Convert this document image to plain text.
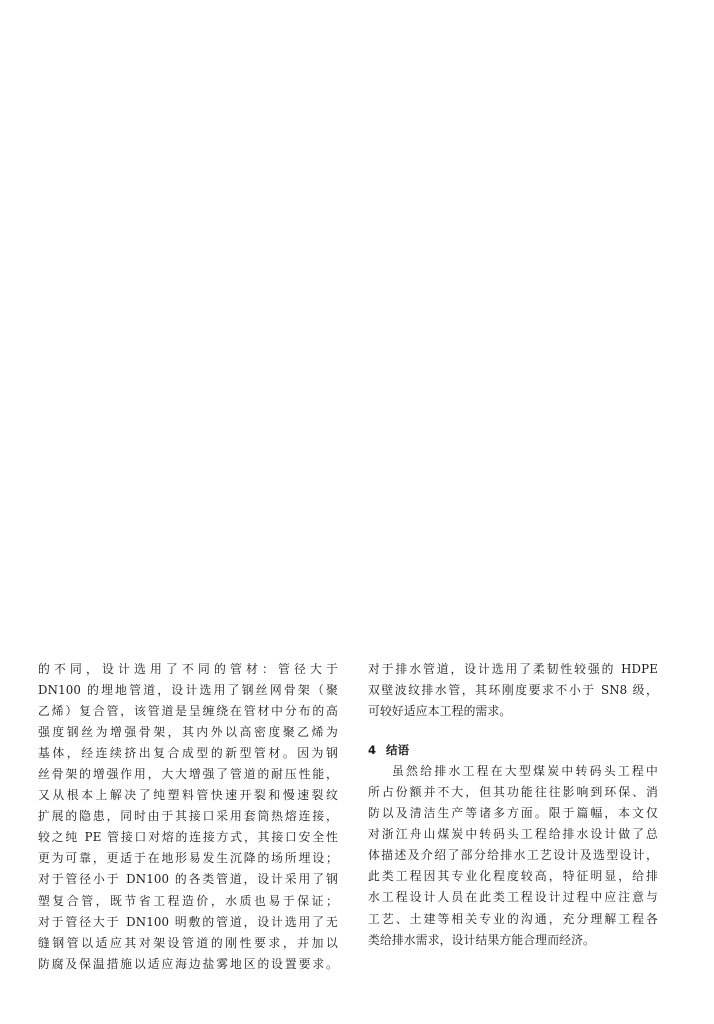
的不同，设计选用了不同的管材：管径大于
DN100 的埋地管道，设计选用了钢丝网骨架（聚
乙烯）复合管，该管道是呈缠绕在管材中分布的高
强度钢丝为增强骨架，其内外以高密度聚乙烯为
基体，经连续挤出复合成型的新型管材。因为钢
丝骨架的增强作用，大大增强了管道的耐压性能，
又从根本上解决了纯塑料管快速开裂和慢速裂纹
扩展的隐患，同时由于其接口采用套筒热熔连接，
较之纯 PE 管接口对熔的连接方式，其接口安全性
更为可靠，更适于在地形易发生沉降的场所埋设；
对于管径小于 DN100 的各类管道，设计采用了钢
塑复合管，既节省工程造价，水质也易于保证；
对于管径大于 DN100 明敷的管道，设计选用了无
缝钢管以适应其对架设管道的刚性要求，并加以
防腐及保温措施以适应海边盐雾地区的设置要求。
对于排水管道，设计选用了柔韧性较强的 HDPE
双壁波纹排水管，其环刚度要求不小于 SN8 级，
可较好适应本工程的需求。
4 结语
虽然给排水工程在大型煤炭中转码头工程中
所占份额并不大，但其功能往往影响到环保、消
防以及清洁生产等诸多方面。限于篇幅，本文仅
对浙江舟山煤炭中转码头工程给排水设计做了总
体描述及介绍了部分给排水工艺设计及选型设计，
此类工程因其专业化程度较高，特征明显，给排
水工程设计人员在此类工程设计过程中应注意与
工艺、土建等相关专业的沟通，充分理解工程各
类给排水需求，设计结果方能合理而经济。
